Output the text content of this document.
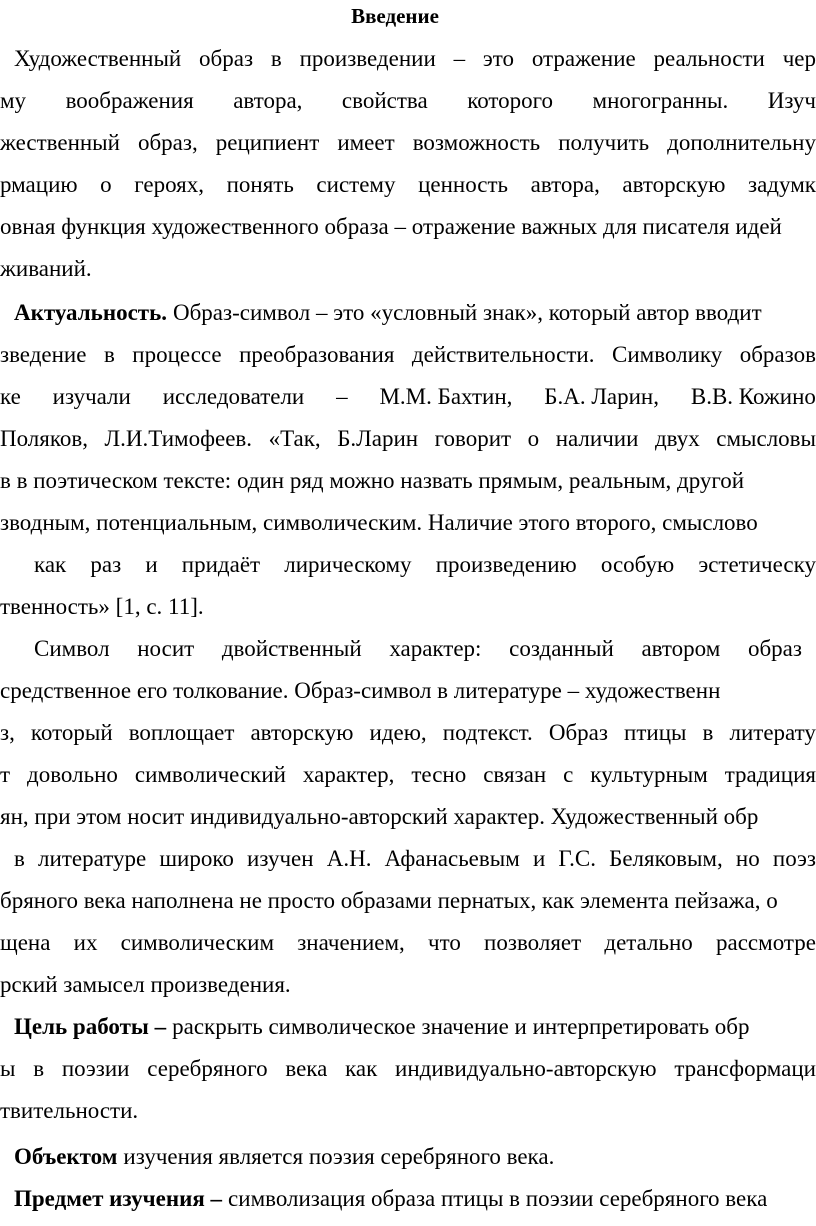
Введение
Художественный образ в произведении – это отражение реальности чер
му воображения автора, свойства которого многогранны. Изуч
жественный образ, реципиент имеет возможность получить дополнительну
рмацию о героях, понять систему ценность автора, авторскую задумк
овная функция художественного образа – отражение важных для писателя идей
живаний.
Актуальность. Образ-символ – это «условный знак», который автор вводит
зведение в процессе преобразования действительности. Символику образов
ке изучали исследователи – М.М. Бахтин, Б.А. Ларин, В.В. Кожино
Поляков, Л.И.Тимофеев. «Так, Б.Ларин говорит о наличии двух смысловы
в в поэтическом тексте: один ряд можно назвать прямым, реальным, другой
зводным, потенциальным, символическим. Наличие этого второго, смыслово
как раз и придаёт лирическому произведению особую эстетическу
твенность» [1, с. 11].
Символ носит двойственный характер: созданный автором образ
средственное его толкование. Образ-символ в литературе – художественн
з, который воплощает авторскую идею, подтекст. Образ птицы в литерату
т довольно символический характер, тесно связан с культурным традиция
ян, при этом носит индивидуально-авторский характер. Художественный обр
в литературе широко изучен А.Н. Афанасьевым и Г.С. Беляковым, но поэз
бряного века наполнена не просто образами пернатых, как элемента пейзажа, о
щена их символическим значением, что позволяет детально рассмотре
рский замысел произведения.
Цель работы – раскрыть символическое значение и интерпретировать обр
ы в поэзии серебряного века как индивидуально-авторскую трансформаци
твительности.
Объектом изучения является поэзия серебряного века.
Предмет изучения – символизация образа птицы в поэзии серебряного века
